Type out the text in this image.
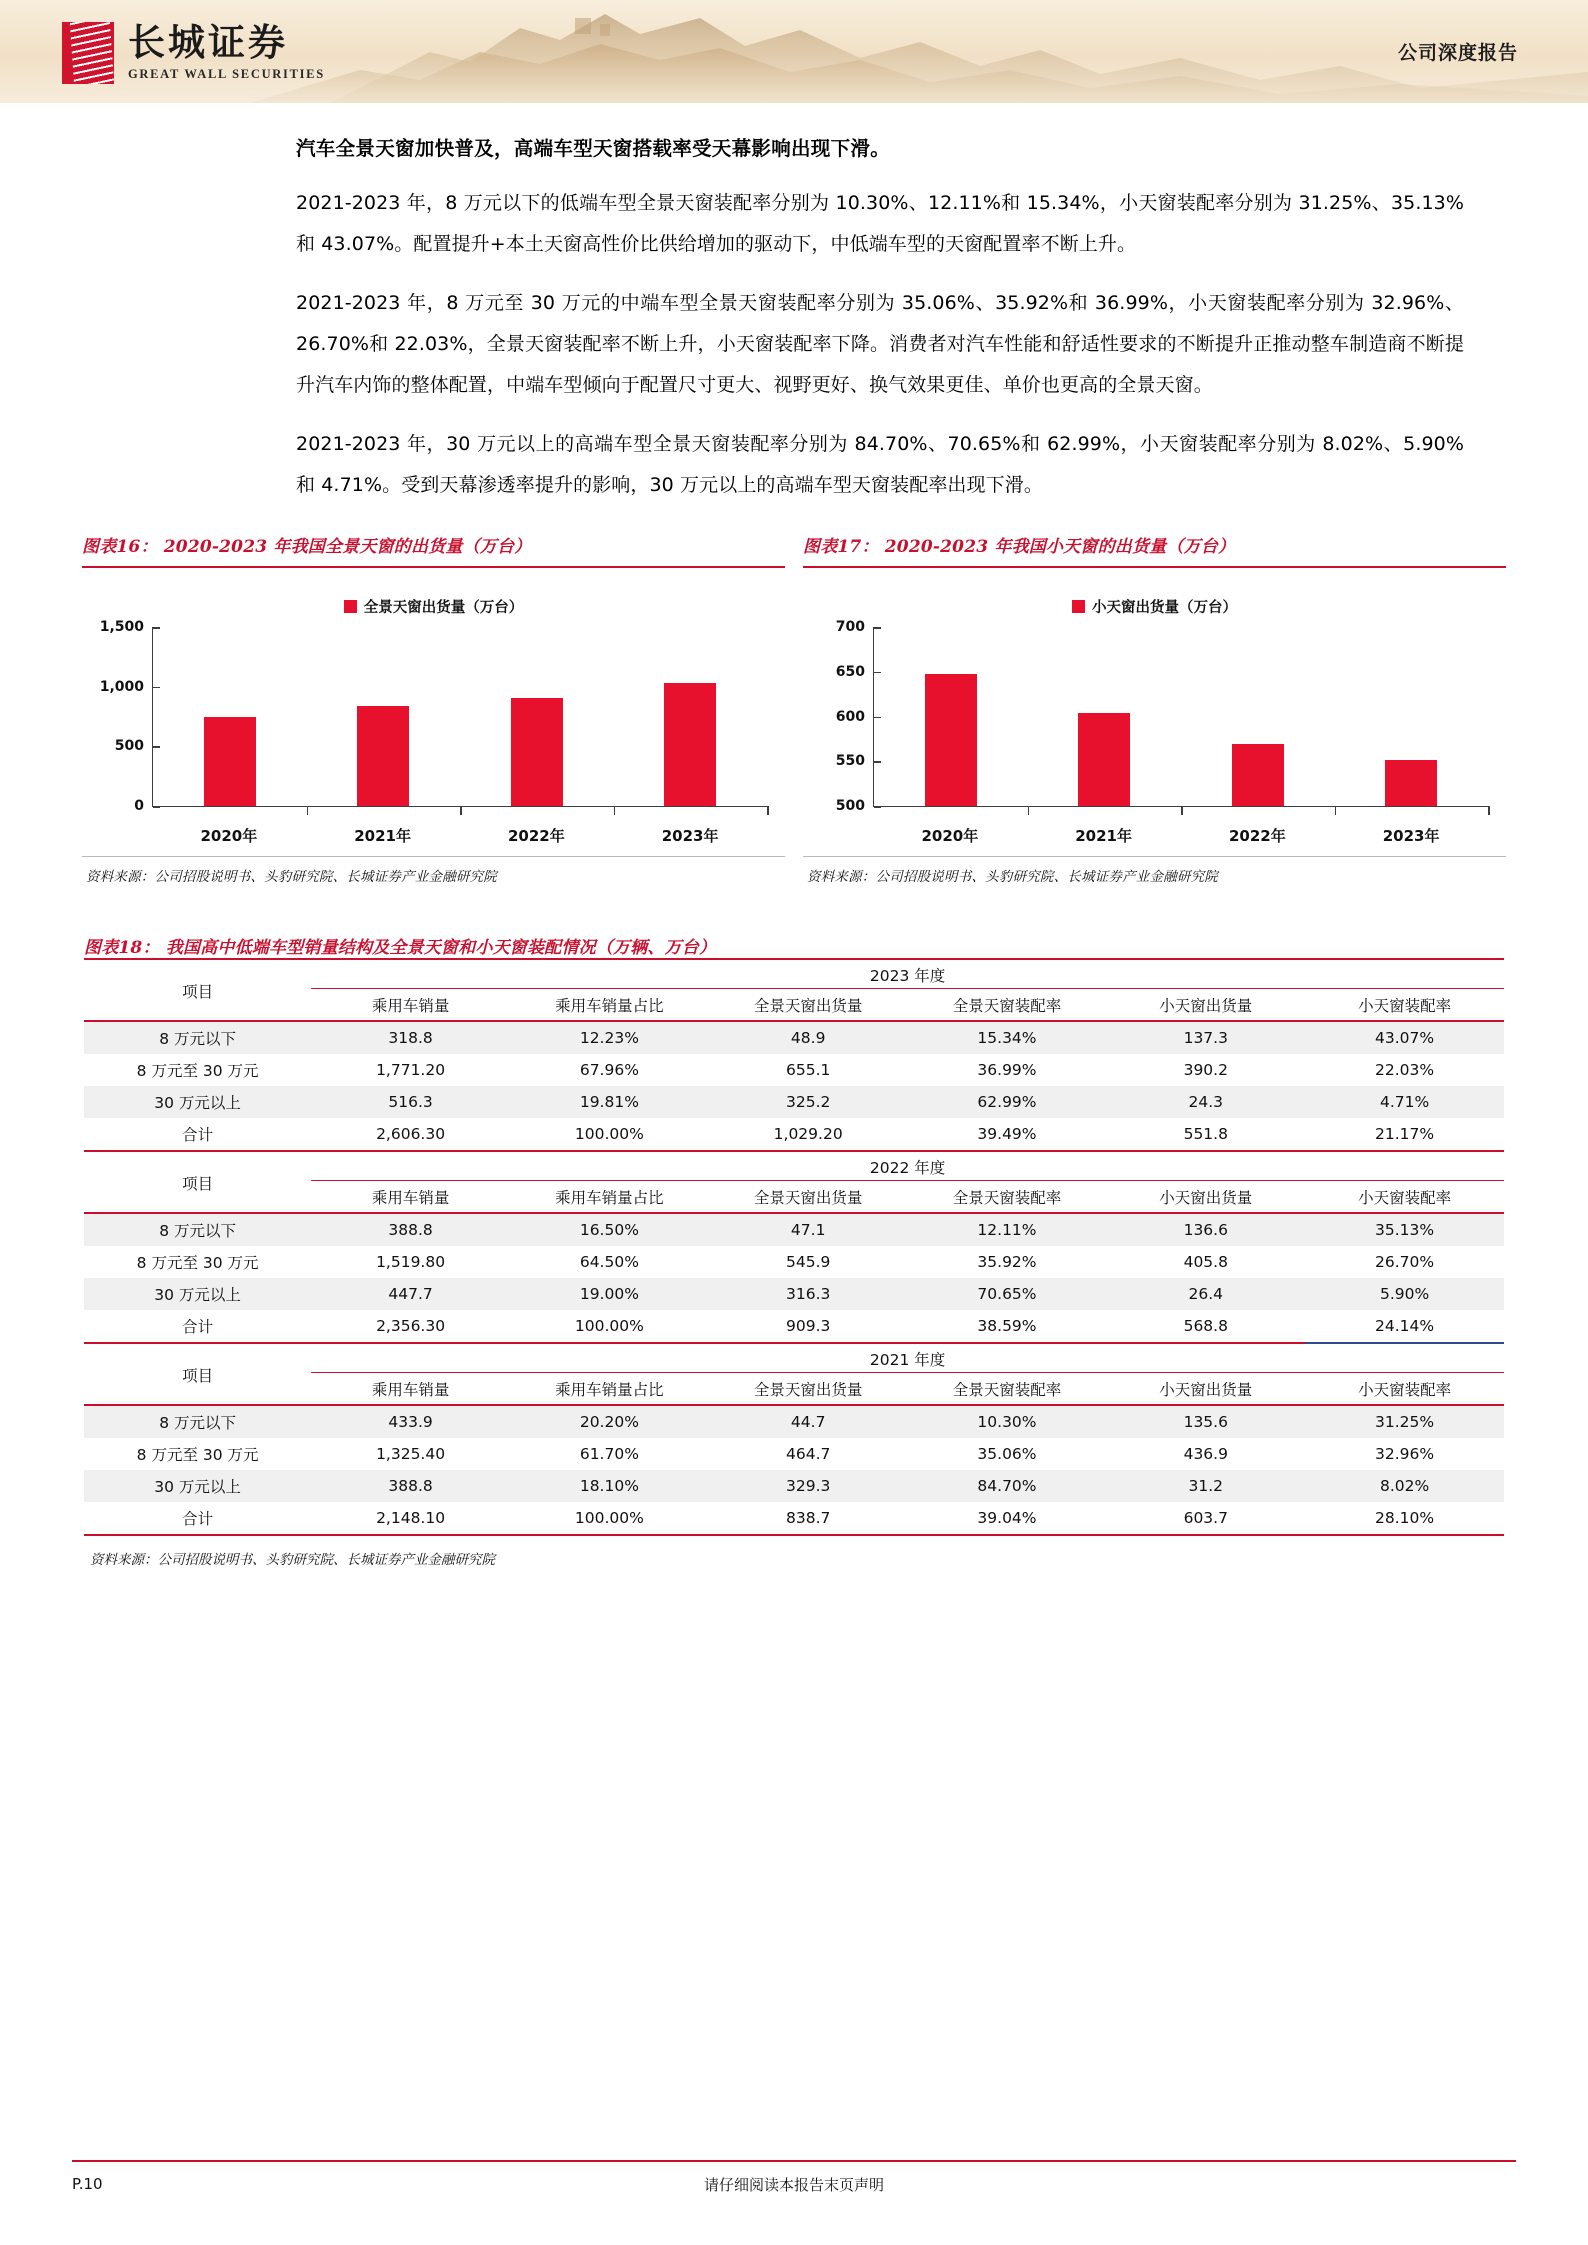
长城证券
GREAT WALL SECURITIES
公司深度报告
汽车全景天窗加快普及，高端车型天窗搭载率受天幕影响出现下滑。

2021-2023 年，8 万元以下的低端车型全景天窗装配率分别为 10.30%、12.11%和 15.34%，小天窗装配率分别为 31.25%、35.13%和 43.07%。配置提升+本土天窗高性价比供给增加的驱动下，中低端车型的天窗配置率不断上升。

2021-2023 年，8 万元至 30 万元的中端车型全景天窗装配率分别为 35.06%、35.92%和 36.99%，小天窗装配率分别为 32.96%、26.70%和 22.03%，全景天窗装配率不断上升，小天窗装配率下降。消费者对汽车性能和舒适性要求的不断提升正推动整车制造商不断提升汽车内饰的整体配置，中端车型倾向于配置尺寸更大、视野更好、换气效果更佳、单价也更高的全景天窗。

2021-2023 年，30 万元以上的高端车型全景天窗装配率分别为 84.70%、70.65%和 62.99%，小天窗装配率分别为 8.02%、5.90%和 4.71%。受到天幕渗透率提升的影响，30 万元以上的高端车型天窗装配率出现下滑。

图表16： 2020-2023 年我国全景天窗的出货量（万台）
全景天窗出货量（万台）
1,500
1,000
500
0
2020年	2021年	2022年	2023年
资料来源：公司招股说明书、头豹研究院、长城证券产业金融研究院
图表17： 2020-2023 年我国小天窗的出货量（万台）
小天窗出货量（万台）
700
650
600
550
500
2020年	2021年	2022年	2023年
资料来源：公司招股说明书、头豹研究院、长城证券产业金融研究院
图表18： 我国高中低端车型销量结构及全景天窗和小天窗装配情况（万辆、万台）
项目	2023 年度					
	乘用车销量	乘用车销量占比	全景天窗出货量	全景天窗装配率	小天窗出货量	小天窗装配率
8 万元以下	318.8	12.23%	48.9	15.34%	137.3	43.07%
8 万元至 30 万元	1,771.20	67.96%	655.1	36.99%	390.2	22.03%
30 万元以上	516.3	19.81%	325.2	62.99%	24.3	4.71%
合计	2,606.30	100.00%	1,029.20	39.49%	551.8	21.17%
项目	2022 年度					
	乘用车销量	乘用车销量占比	全景天窗出货量	全景天窗装配率	小天窗出货量	小天窗装配率
8 万元以下	388.8	16.50%	47.1	12.11%	136.6	35.13%
8 万元至 30 万元	1,519.80	64.50%	545.9	35.92%	405.8	26.70%
30 万元以上	447.7	19.00%	316.3	70.65%	26.4	5.90%
合计	2,356.30	100.00%	909.3	38.59%	568.8	24.14%
项目	2021 年度					
	乘用车销量	乘用车销量占比	全景天窗出货量	全景天窗装配率	小天窗出货量	小天窗装配率
8 万元以下	433.9	20.20%	44.7	10.30%	135.6	31.25%
8 万元至 30 万元	1,325.40	61.70%	464.7	35.06%	436.9	32.96%
30 万元以上	388.8	18.10%	329.3	84.70%	31.2	8.02%
合计	2,148.10	100.00%	838.7	39.04%	603.7	28.10%
资料来源：公司招股说明书、头豹研究院、长城证券产业金融研究院
P.10	请仔细阅读本报告末页声明
